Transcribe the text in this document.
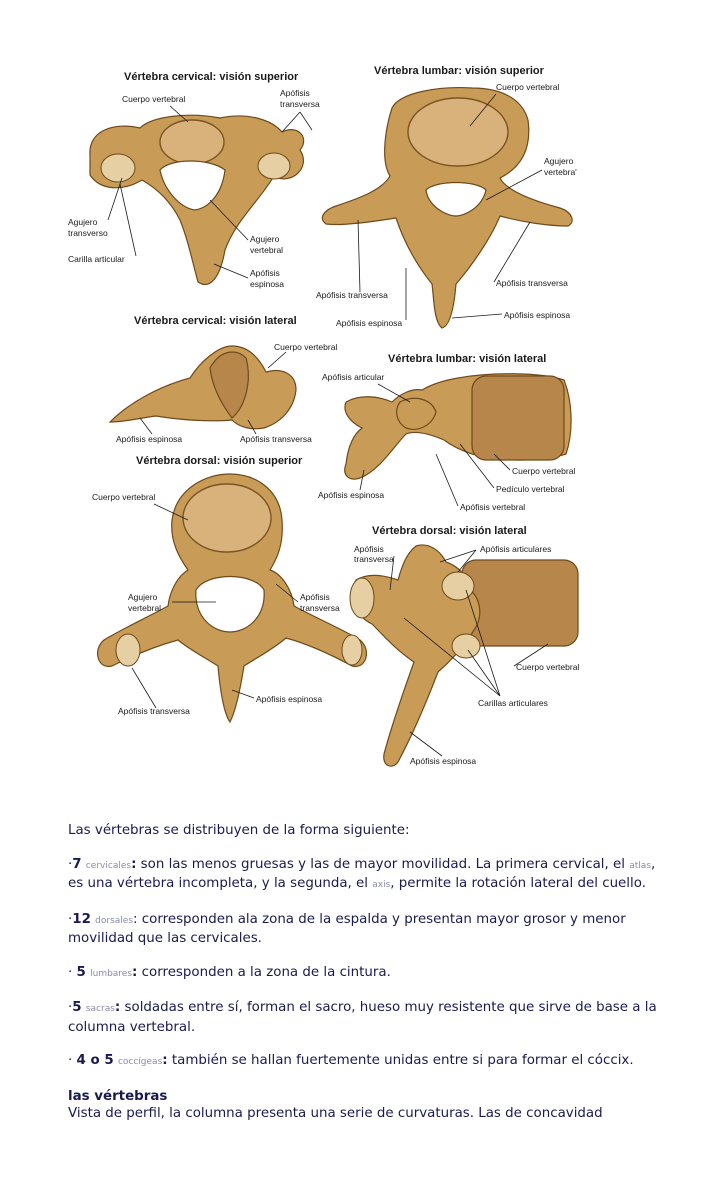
Vértebra cervical: visión superior
Cuerpo vertebral
Apófisis
transversa
Agujero
transverso
Carilla articular
Agujero
vertebral
Apófisis
espinosa
Vértebra lumbar: visión superior
Cuerpo vertebral
Agujero
vertebra'
Apófisis transversa
Apófisis transversa
Apófisis espinosa
Apófisis espinosa
Vértebra cervical: visión lateral
Cuerpo vertebral
Apófisis espinosa	Apófisis transversa
Vértebra lumbar: visión lateral
Apófisis articular
Cuerpo vertebral
Pedículo vertebral
Apófisis espinosa
Apófisis vertebral
Vértebra dorsal: visión superior
Cuerpo vertebral
Agujero
vertebral
Apófisis
transversa
Apófisis transversa
Apófisis espinosa
Vértebra dorsal: visión lateral
Apófisis
transversa
Apófisis articulares
Cuerpo vertebral
Carillas articulares
Apófisis espinosa

Las vértebras se distribuyen de la forma siguiente:

·7 cervicales: son las menos gruesas y las de mayor movilidad. La primera cervical, el atlas, es una vértebra incompleta, y la segunda, el axis, permite la rotación lateral del cuello.

·12 dorsales: corresponden ala zona de la espalda y presentan mayor grosor y menor movilidad que las cervicales.

· 5 lumbares: corresponden a la zona de la cintura.

·5 sacras: soldadas entre sí, forman el sacro, hueso muy resistente que sirve de base a la columna vertebral.

· 4 o 5 coccígeas: también se hallan fuertemente unidas entre si para formar el cóccix.

las vértebras
Vista de perfil, la columna presenta una serie de curvaturas. Las de concavidad
